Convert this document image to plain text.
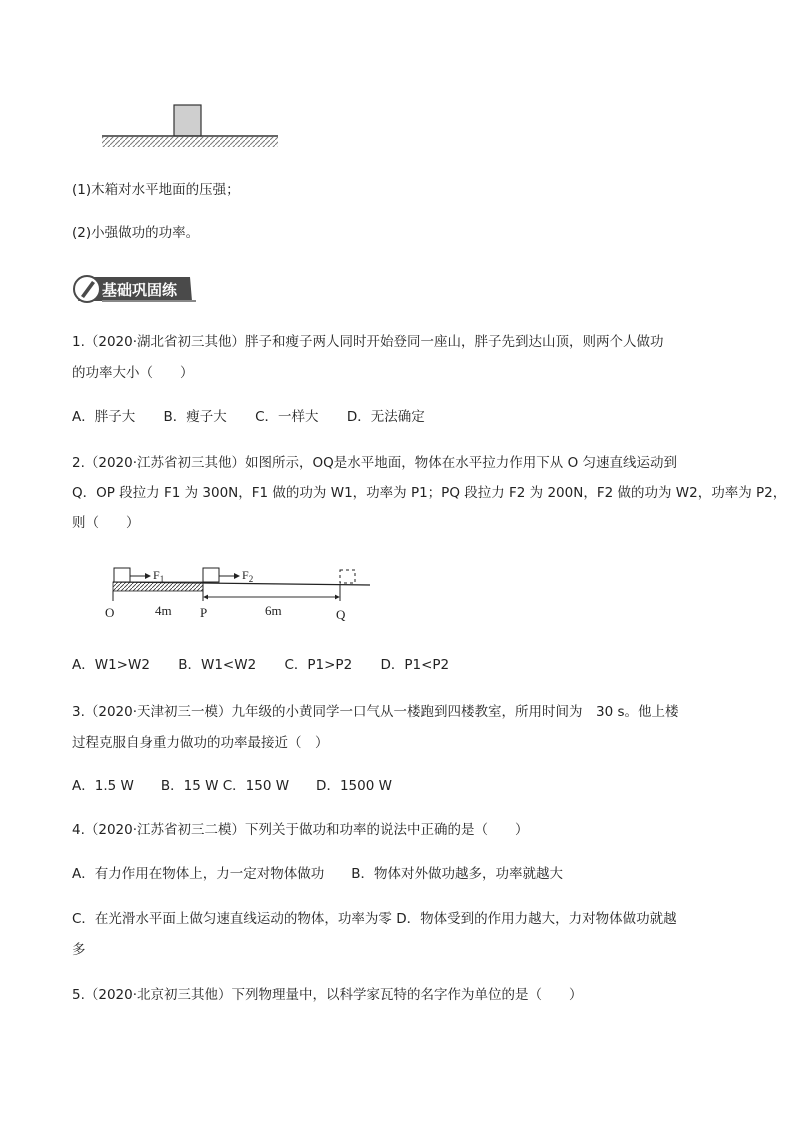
(1)木箱对水平地面的压强；
(2)小强做功的功率。
基础巩固练
1.（2020·湖北省初三其他）胖子和瘦子两人同时开始登同一座山，胖子先到达山顶，则两个人做功
的功率大小（　　）
A．胖子大 B．瘦子大 C．一样大 D．无法确定
2.（2020·江苏省初三其他）如图所示，OQ是水平地面，物体在水平拉力作用下从 O 匀速直线运动到
Q．OP 段拉力 F1 为 300N，F1 做的功为 W1，功率为 P1；PQ 段拉力 F2 为 200N，F2 做的功为 W2，功率为 P2，
则（　　）
$F_1$	$F_2$
O	4m P	6m	Q
A．W1>W2 B．W1<W2 C．P1>P2 D．P1<P2
3.（2020·天津初三一模）九年级的小黄同学一口气从一楼跑到四楼教室，所用时间为　30 s。他上楼
过程克服自身重力做功的功率最接近（　）
A．1.5 W　　B．15 W C．150 W　　D．1500 W
4.（2020·江苏省初三二模）下列关于做功和功率的说法中正确的是（　　）
A．有力作用在物体上，力一定对物体做功　　B．物体对外做功越多，功率就越大
C．在光滑水平面上做匀速直线运动的物体，功率为零 D．物体受到的作用力越大，力对物体做功就越
多
5.（2020·北京初三其他）下列物理量中，以科学家瓦特的名字作为单位的是（　　）
